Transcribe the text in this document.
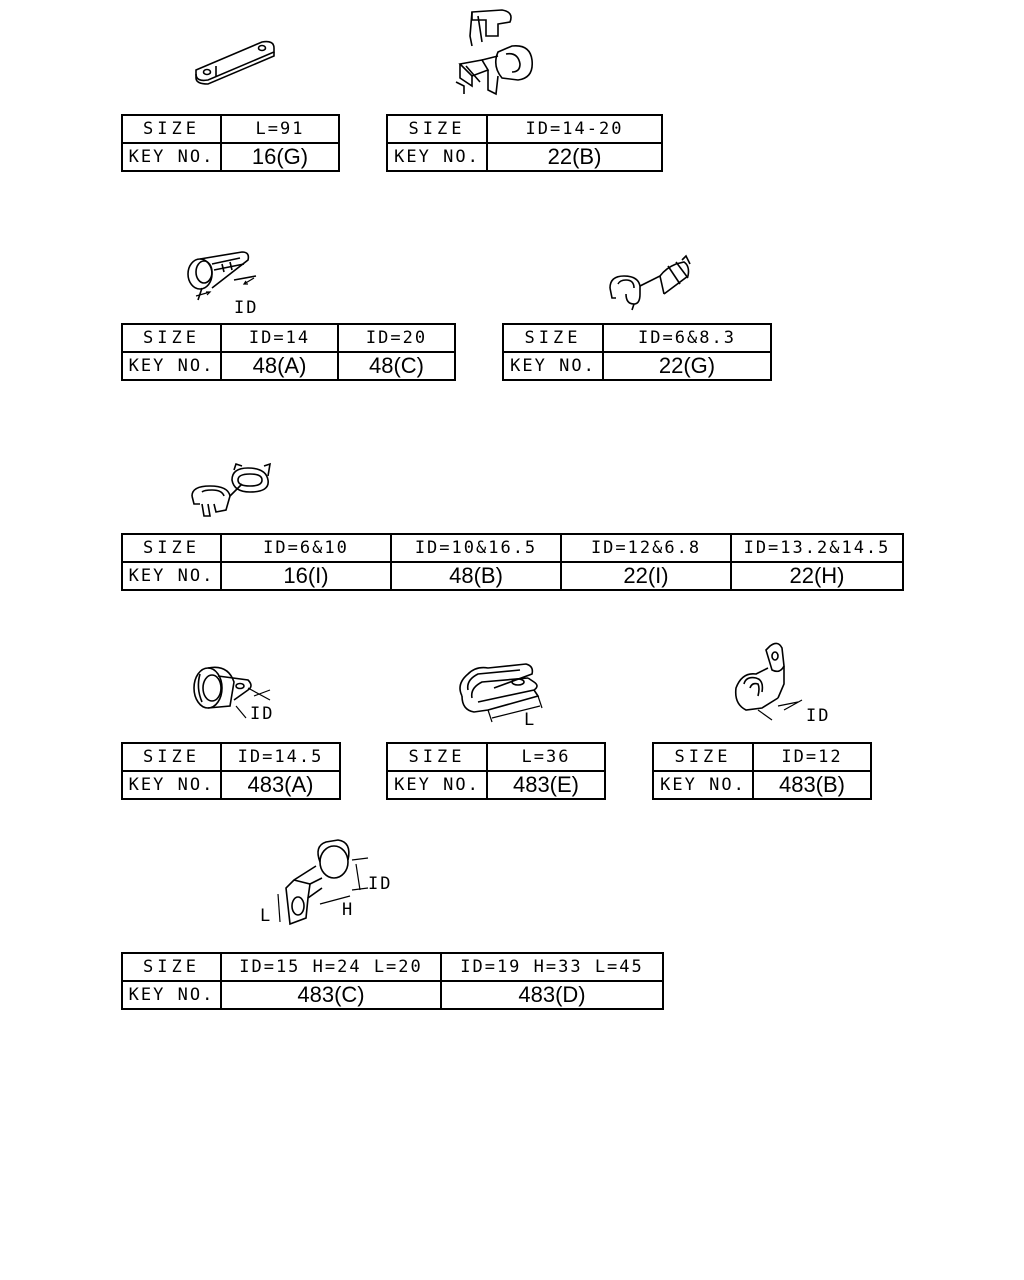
ID
ID	L	ID
ID
H
L
SIZE	L=91
KEY NO.	16(G)
SIZE	ID=14-20
KEY NO.	22(B)
SIZE	ID=14	ID=20
KEY NO.	48(A)	48(C)
SIZE	ID=6&8.3
KEY NO.	22(G)
SIZE	ID=6&10	ID=10&16.5	ID=12&6.8	ID=13.2&14.5
KEY NO.	16(I)	48(B)	22(I)	22(H)
SIZE	ID=14.5
KEY NO.	483(A)
SIZE	L=36
KEY NO.	483(E)
SIZE	ID=12
KEY NO.	483(B)
SIZE	ID=15 H=24 L=20	ID=19 H=33 L=45
KEY NO.	483(C)	483(D)
